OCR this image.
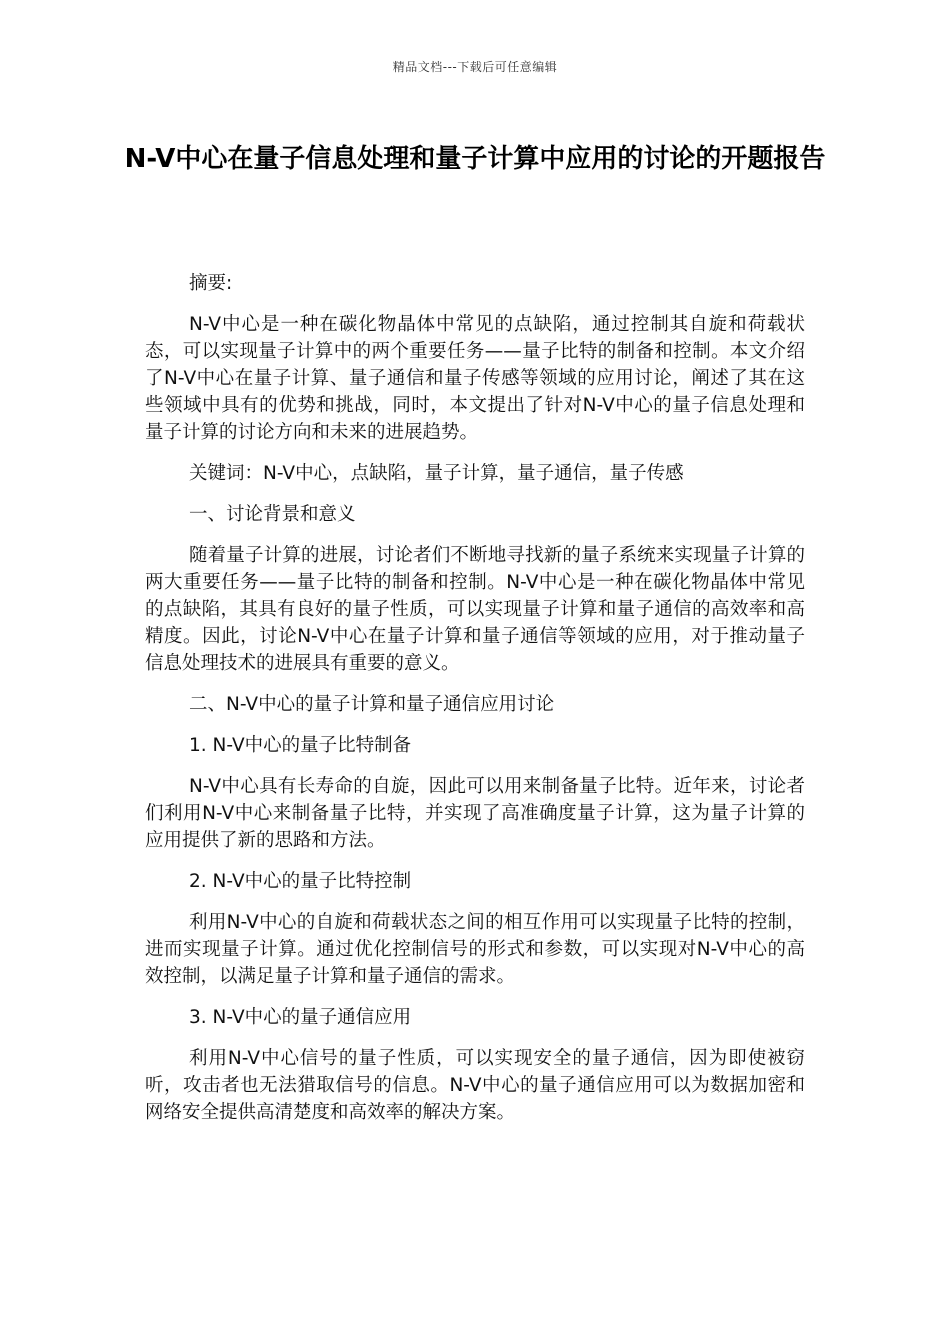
精品文档---下载后可任意编辑
N-V中心在量子信息处理和量子计算中应用的讨论的开题报告

摘要:

N-V中心是一种在碳化物晶体中常见的点缺陷，通过控制其自旋和荷载状态，可以实现量子计算中的两个重要任务——量子比特的制备和控制。本文介绍了N-V中心在量子计算、量子通信和量子传感等领域的应用讨论，阐述了其在这些领域中具有的优势和挑战，同时，本文提出了针对N-V中心的量子信息处理和量子计算的讨论方向和未来的进展趋势。

关键词：N-V中心，点缺陷，量子计算，量子通信，量子传感

一、讨论背景和意义

随着量子计算的进展，讨论者们不断地寻找新的量子系统来实现量子计算的两大重要任务——量子比特的制备和控制。N-V中心是一种在碳化物晶体中常见的点缺陷，其具有良好的量子性质，可以实现量子计算和量子通信的高效率和高精度。因此，讨论N-V中心在量子计算和量子通信等领域的应用，对于推动量子信息处理技术的进展具有重要的意义。

二、N-V中心的量子计算和量子通信应用讨论

1. N-V中心的量子比特制备

N-V中心具有长寿命的自旋，因此可以用来制备量子比特。近年来，讨论者们利用N-V中心来制备量子比特，并实现了高准确度量子计算，这为量子计算的应用提供了新的思路和方法。

2. N-V中心的量子比特控制

利用N-V中心的自旋和荷载状态之间的相互作用可以实现量子比特的控制，进而实现量子计算。通过优化控制信号的形式和参数，可以实现对N-V中心的高效控制，以满足量子计算和量子通信的需求。

3. N-V中心的量子通信应用

利用N-V中心信号的量子性质，可以实现安全的量子通信，因为即使被窃听，攻击者也无法猎取信号的信息。N-V中心的量子通信应用可以为数据加密和网络安全提供高清楚度和高效率的解决方案。
